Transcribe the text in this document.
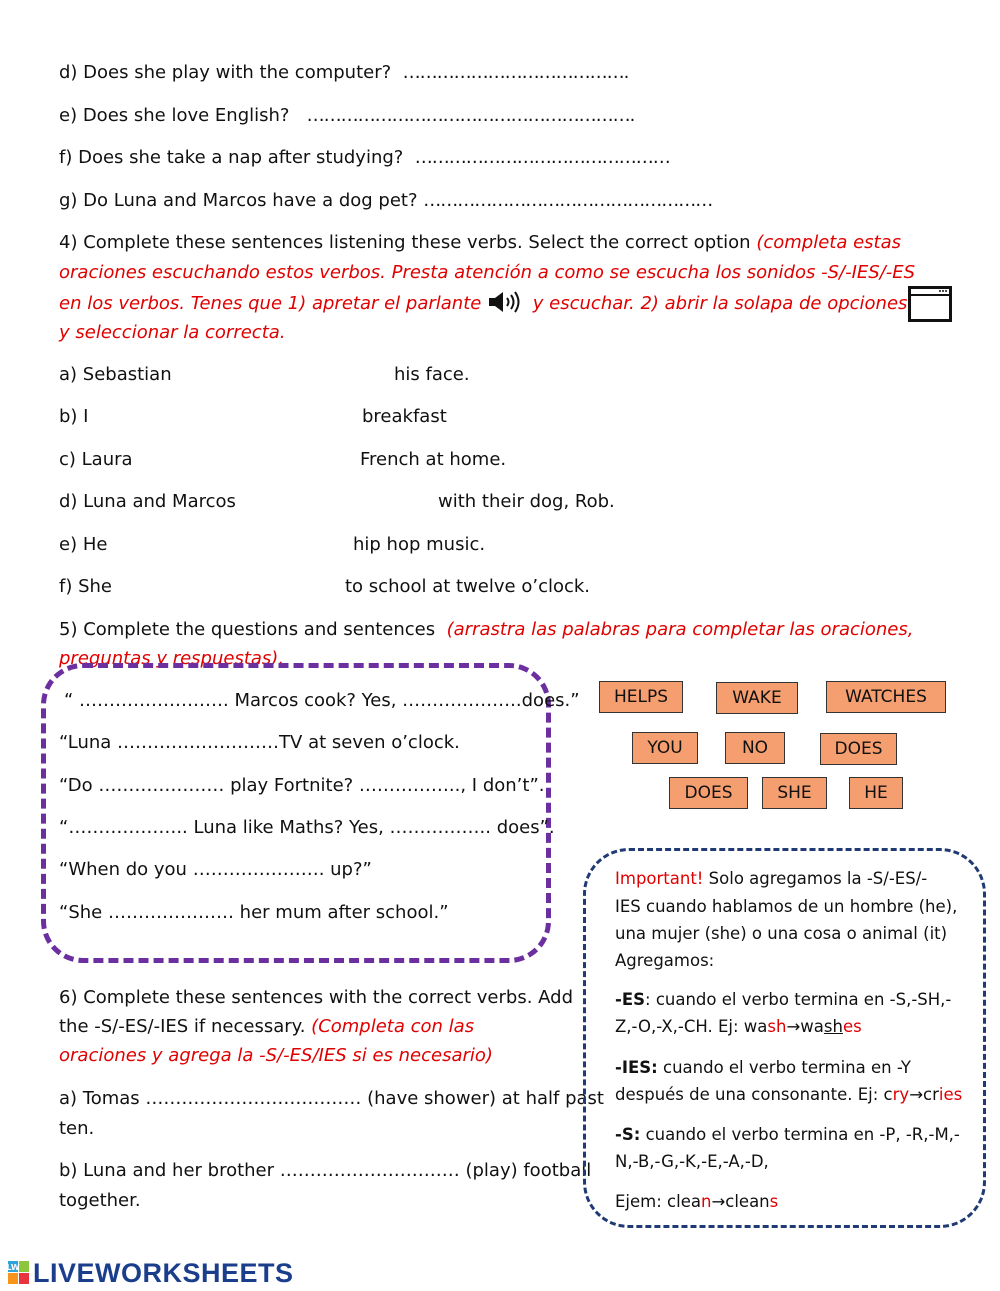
d) Does she play with the computer? ………………………………….
e) Does she love English? ………………………………………………….
f) Does she take a nap after studying? ………………………………………
g) Do Luna and Marcos have a dog pet? ……………………………………………
4) Complete these sentences listening these verbs. Select the correct option (completa estas
oraciones escuchando estos verbos. Presta atención a como se escucha los sonidos -S/-IES/-ES
en los verbos. Tenes que 1) apretar el parlante	y escuchar. 2) abrir la solapa de opciones
y seleccionar la correcta.
a) Sebastian	his face.
b) I	breakfast
c) Laura	French at home.
d) Luna and Marcos	with their dog, Rob.
e) He	hip hop music.
f) She	to school at twelve o’clock.
5) Complete the questions and sentences (arrastra las palabras para completar las oraciones,
preguntas y respuestas).
“ ……………………. Marcos cook? Yes, ………………..does.”
“Luna ………………………TV at seven o’clock.
“Do ………………… play Fortnite? …………….., I don’t”.
“……………….. Luna like Maths? Yes, …………….. does”.
“When do you …………………. up?”
“She ………………… her mum after school.”
HELPS	WAKE	WATCHES
YOU	NO	DOES
DOES	SHE	HE
6) Complete these sentences with the correct verbs. Add
the -S/-ES/-IES if necessary. (Completa con las
oraciones y agrega la -S/-ES/IES si es necesario)
a) Tomas ……………………………… (have shower) at half past
ten.
b) Luna and her brother ………………………… (play) football
together.
Important! Solo agregamos la -S/-ES/-
IES cuando hablamos de un hombre (he),
una mujer (she) o una cosa o animal (it)
Agregamos:
-ES: cuando el verbo termina en -S,-SH,-
Z,-O,-X,-CH. Ej: wash→washes
-IES: cuando el verbo termina en -Y
después de una consonante. Ej: cry→cries
-S: cuando el verbo termina en -P, -R,-M,-
N,-B,-G,-K,-E,-A,-D,
Ejem: clean→cleans
LW LIVEWORKSHEETS
